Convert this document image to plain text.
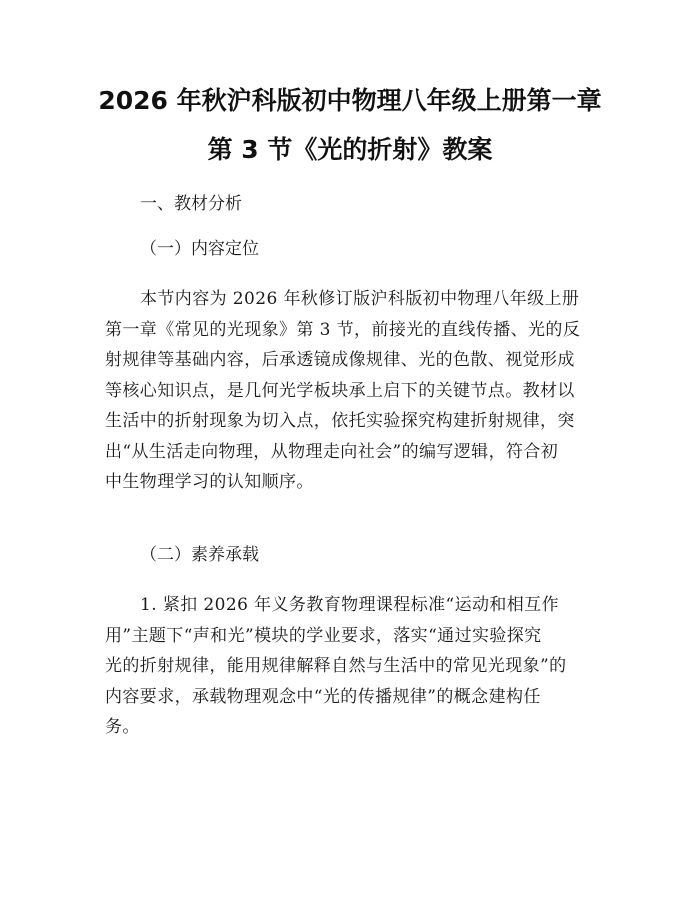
2026 年秋沪科版初中物理八年级上册第一章
第 3 节《光的折射》教案
一、教材分析
（一）内容定位
本节内容为 2026 年秋修订版沪科版初中物理八年级上册
第一章《常见的光现象》第 3 节，前接光的直线传播、光的反
射规律等基础内容，后承透镜成像规律、光的色散、视觉形成
等核心知识点，是几何光学板块承上启下的关键节点。教材以
生活中的折射现象为切入点，依托实验探究构建折射规律，突
出“从生活走向物理，从物理走向社会”的编写逻辑，符合初
中生物理学习的认知顺序。
（二）素养承载
1. 紧扣 2026 年义务教育物理课程标准“运动和相互作
用”主题下“声和光”模块的学业要求，落实“通过实验探究
光的折射规律，能用规律解释自然与生活中的常见光现象”的
内容要求，承载物理观念中“光的传播规律”的概念建构任
务。
